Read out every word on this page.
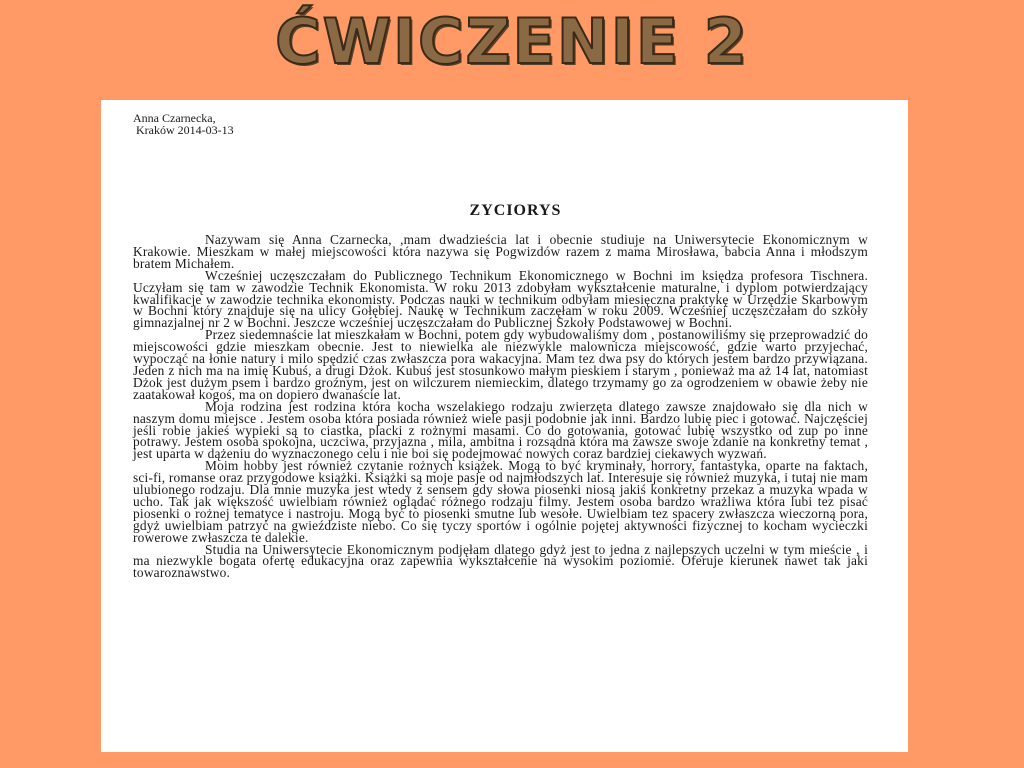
ĆWICZENIE 2
Anna Czarnecka,
Kraków 2014-03-13
ZYCIORYS

Nazywam się Anna Czarnecka, ,mam dwadzieścia lat i obecnie studiuje na Uniwersytecie Ekonomicznym w Krakowie. Mieszkam w małej miejscowości która nazywa się Pogwizdów razem z mama Mirosława, babcia Anna i młodszym bratem Michałem.

Wcześniej uczęszczałam do Publicznego Technikum Ekonomicznego w Bochni im księdza profesora Tischnera. Uczyłam się tam w zawodzie Technik Ekonomista. W roku 2013 zdobyłam wykształcenie maturalne, i dyplom potwierdzający kwalifikacje w zawodzie technika ekonomisty. Podczas nauki w technikum odbyłam miesięczna praktykę w Urzędzie Skarbowym w Bochni który znajduje się na ulicy Gołębiej. Naukę w Technikum zaczęłam w roku 2009. Wcześniej uczęszczałam do szkoły gimnazjalnej nr 2 w Bochni. Jeszcze wcześniej uczęszczałam do Publicznej Szkoły Podstawowej w Bochni.

Przez siedemnaście lat mieszkałam w Bochni, potem gdy wybudowaliśmy dom , postanowiliśmy się przeprowadzić do miejscowości gdzie mieszkam obecnie. Jest to niewielka ale niezwykle malownicza miejscowość, gdzie warto przyjechać, wypocząć na łonie natury i milo spędzić czas zwłaszcza pora wakacyjna. Mam tez dwa psy do których jestem bardzo przywiązana. Jeden z nich ma na imię Kubuś, a drugi Dżok. Kubuś jest stosunkowo małym pieskiem i starym , ponieważ ma aż 14 lat, natomiast Dżok jest dużym psem i bardzo groźnym, jest on wilczurem niemieckim, dlatego trzymamy go za ogrodzeniem w obawie żeby nie zaatakował kogoś, ma on dopiero dwanaście lat.

Moja rodzina jest rodzina która kocha wszelakiego rodzaju zwierzęta dlatego zawsze znajdowało się dla nich w naszym domu miejsce . Jestem osoba która posiada również wiele pasji podobnie jak inni. Bardzo lubię piec i gotować. Najczęściej jeśli robie jakieś wypieki są to ciastka, placki z rożnymi masami. Co do gotowania, gotować lubię wszystko od zup po inne potrawy. Jestem osoba spokojna, uczciwa, przyjazna , mila, ambitna i rozsądna która ma zawsze swoje zdanie na konkretny temat , jest uparta w dążeniu do wyznaczonego celu i nie boi się podejmować nowych coraz bardziej ciekawych wyzwań.

Moim hobby jest również czytanie rożnych książek. Mogą to być kryminały, horrory, fantastyka, oparte na faktach, sci-fi, romanse oraz przygodowe książki. Książki są moje pasje od najmłodszych lat. Interesuje się również muzyka, i tutaj nie mam ulubionego rodzaju. Dla mnie muzyka jest wtedy z sensem gdy słowa piosenki niosą jakiś konkretny przekaz a muzyka wpada w ucho. Tak jak większość uwielbiam również oglądać różnego rodzaju filmy. Jestem osoba bardzo wrażliwa która lubi tez pisać piosenki o rożnej tematyce i nastroju. Mogą być to piosenki smutne lub wesołe. Uwielbiam tez spacery zwłaszcza wieczorną pora, gdyż uwielbiam patrzyć na gwieździste niebo. Co się tyczy sportów i ogólnie pojętej aktywności fizycznej to kocham wycieczki rowerowe zwłaszcza te dalekie.

Studia na Uniwersytecie Ekonomicznym podjęłam dlatego gdyż jest to jedna z najlepszych uczelni w tym mieście , i ma niezwykle bogata ofertę edukacyjna oraz zapewnia wykształcenie na wysokim poziomie. Oferuje kierunek nawet tak jaki towaroznawstwo.
